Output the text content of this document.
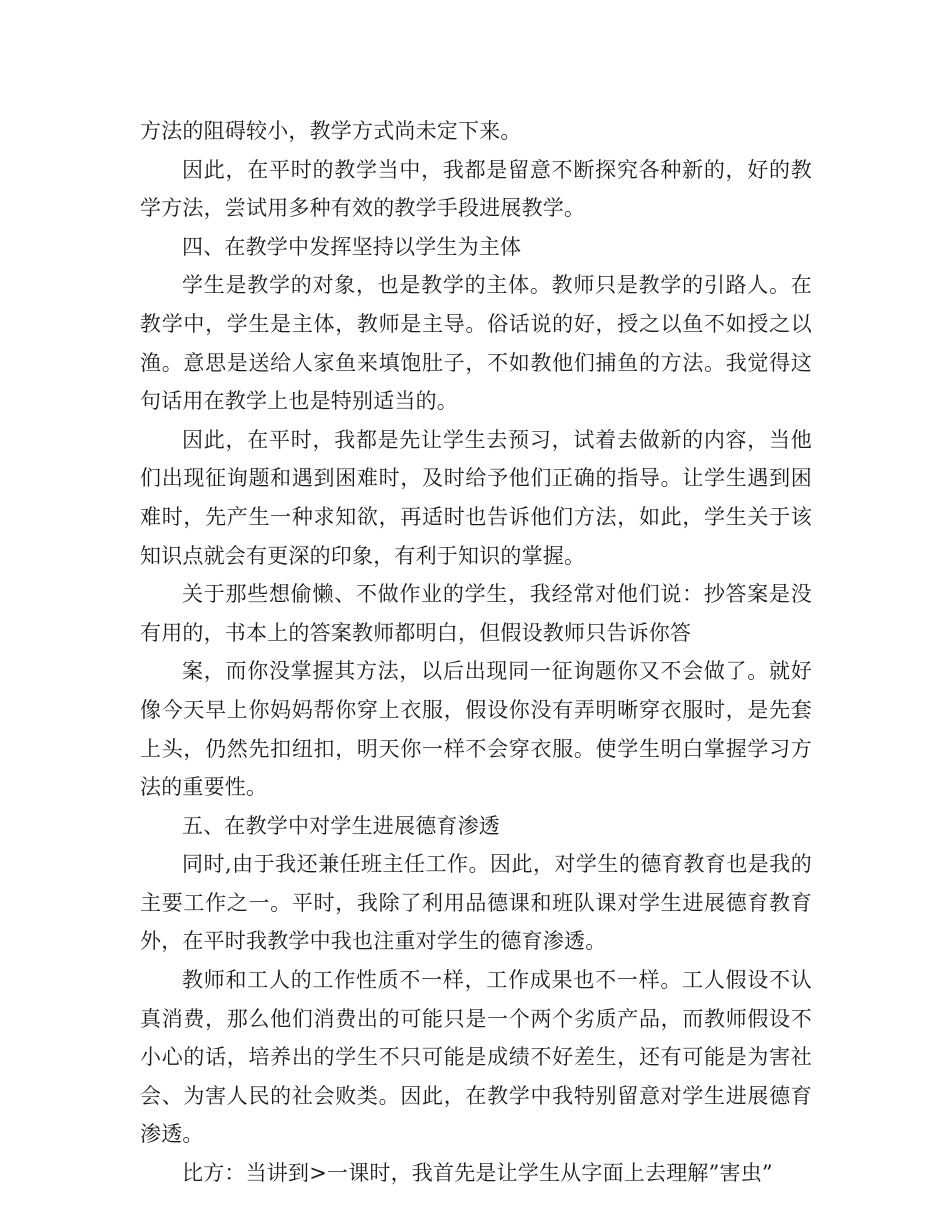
方法的阻碍较小，教学方式尚未定下来。

因此，在平时的教学当中，我都是留意不断探究各种新的，好的教学方法，尝试用多种有效的教学手段进展教学。

四、在教学中发挥坚持以学生为主体

学生是教学的对象，也是教学的主体。教师只是教学的引路人。在教学中，学生是主体，教师是主导。俗话说的好，授之以鱼不如授之以渔。意思是送给人家鱼来填饱肚子，不如教他们捕鱼的方法。我觉得这句话用在教学上也是特别适当的。

因此，在平时，我都是先让学生去预习，试着去做新的内容，当他们出现征询题和遇到困难时，及时给予他们正确的指导。让学生遇到困难时，先产生一种求知欲，再适时也告诉他们方法，如此，学生关于该知识点就会有更深的印象，有利于知识的掌握。

关于那些想偷懒、不做作业的学生，我经常对他们说：抄答案是没有用的，书本上的答案教师都明白，但假设教师只告诉你答

案，而你没掌握其方法，以后出现同一征询题你又不会做了。就好像今天早上你妈妈帮你穿上衣服，假设你没有弄明晰穿衣服时，是先套上头，仍然先扣纽扣，明天你一样不会穿衣服。使学生明白掌握学习方法的重要性。

五、在教学中对学生进展德育渗透

同时,由于我还兼任班主任工作。因此，对学生的德育教育也是我的主要工作之一。平时，我除了利用品德课和班队课对学生进展德育教育外，在平时我教学中我也注重对学生的德育渗透。

教师和工人的工作性质不一样，工作成果也不一样。工人假设不认真消费，那么他们消费出的可能只是一个两个劣质产品，而教师假设不小心的话，培养出的学生不只可能是成绩不好差生，还有可能是为害社会、为害人民的社会败类。因此，在教学中我特别留意对学生进展德育渗透。

比方：当讲到>一课时，我首先是让学生从字面上去理解”害虫”
